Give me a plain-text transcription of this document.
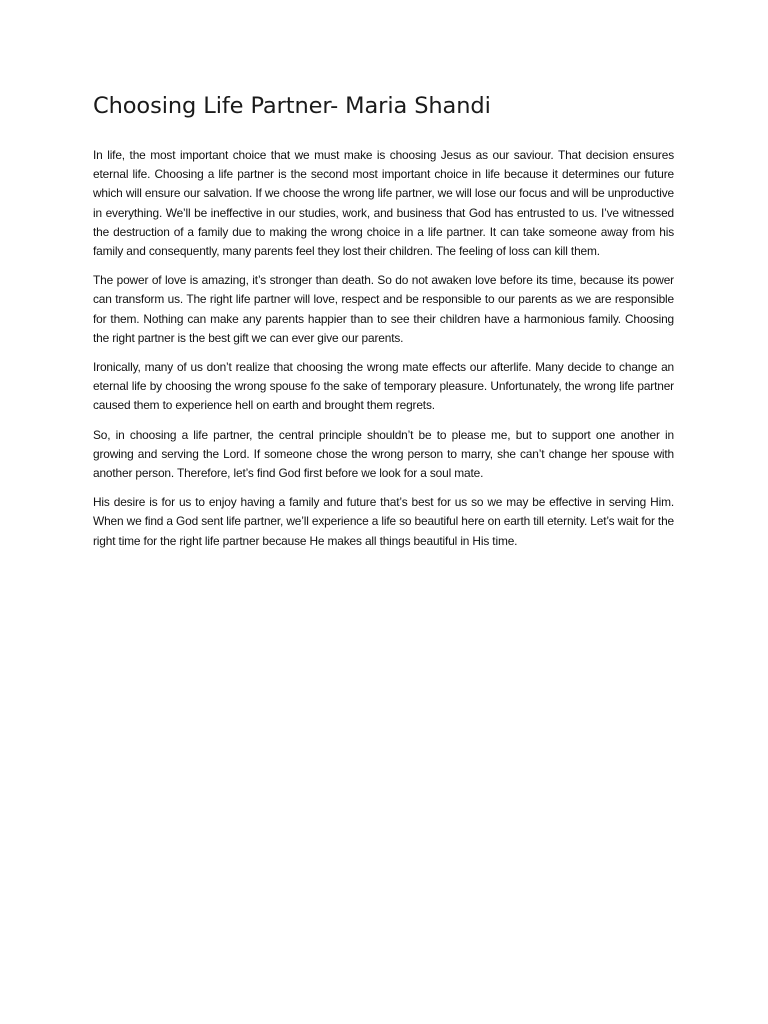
Choosing Life Partner- Maria Shandi

In life, the most important choice that we must make is choosing Jesus as our saviour. That decision ensures eternal life. Choosing a life partner is the second most important choice in life because it determines our future which will ensure our salvation. If we choose the wrong life partner, we will lose our focus and will be unproductive in everything. We’ll be ineffective in our studies, work, and business that God has entrusted to us. I’ve witnessed the destruction of a family due to making the wrong choice in a life partner. It can take someone away from his family and consequently, many parents feel they lost their children. The feeling of loss can kill them.

The power of love is amazing, it’s stronger than death. So do not awaken love before its time, because its power can transform us. The right life partner will love, respect and be responsible to our parents as we are responsible for them. Nothing can make any parents happier than to see their children have a harmonious family. Choosing the right partner is the best gift we can ever give our parents.

Ironically, many of us don’t realize that choosing the wrong mate effects our afterlife. Many decide to change an eternal life by choosing the wrong spouse fo the sake of temporary pleasure. Unfortunately, the wrong life partner caused them to experience hell on earth and brought them regrets.

So, in choosing a life partner, the central principle shouldn’t be to please me, but to support one another in growing and serving the Lord. If someone chose the wrong person to marry, she can’t change her spouse with another person. Therefore, let’s find God first before we look for a soul mate.

His desire is for us to enjoy having a family and future that’s best for us so we may be effective in serving Him. When we find a God sent life partner, we’ll experience a life so beautiful here on earth till eternity. Let’s wait for the right time for the right life partner because He makes all things beautiful in His time.
